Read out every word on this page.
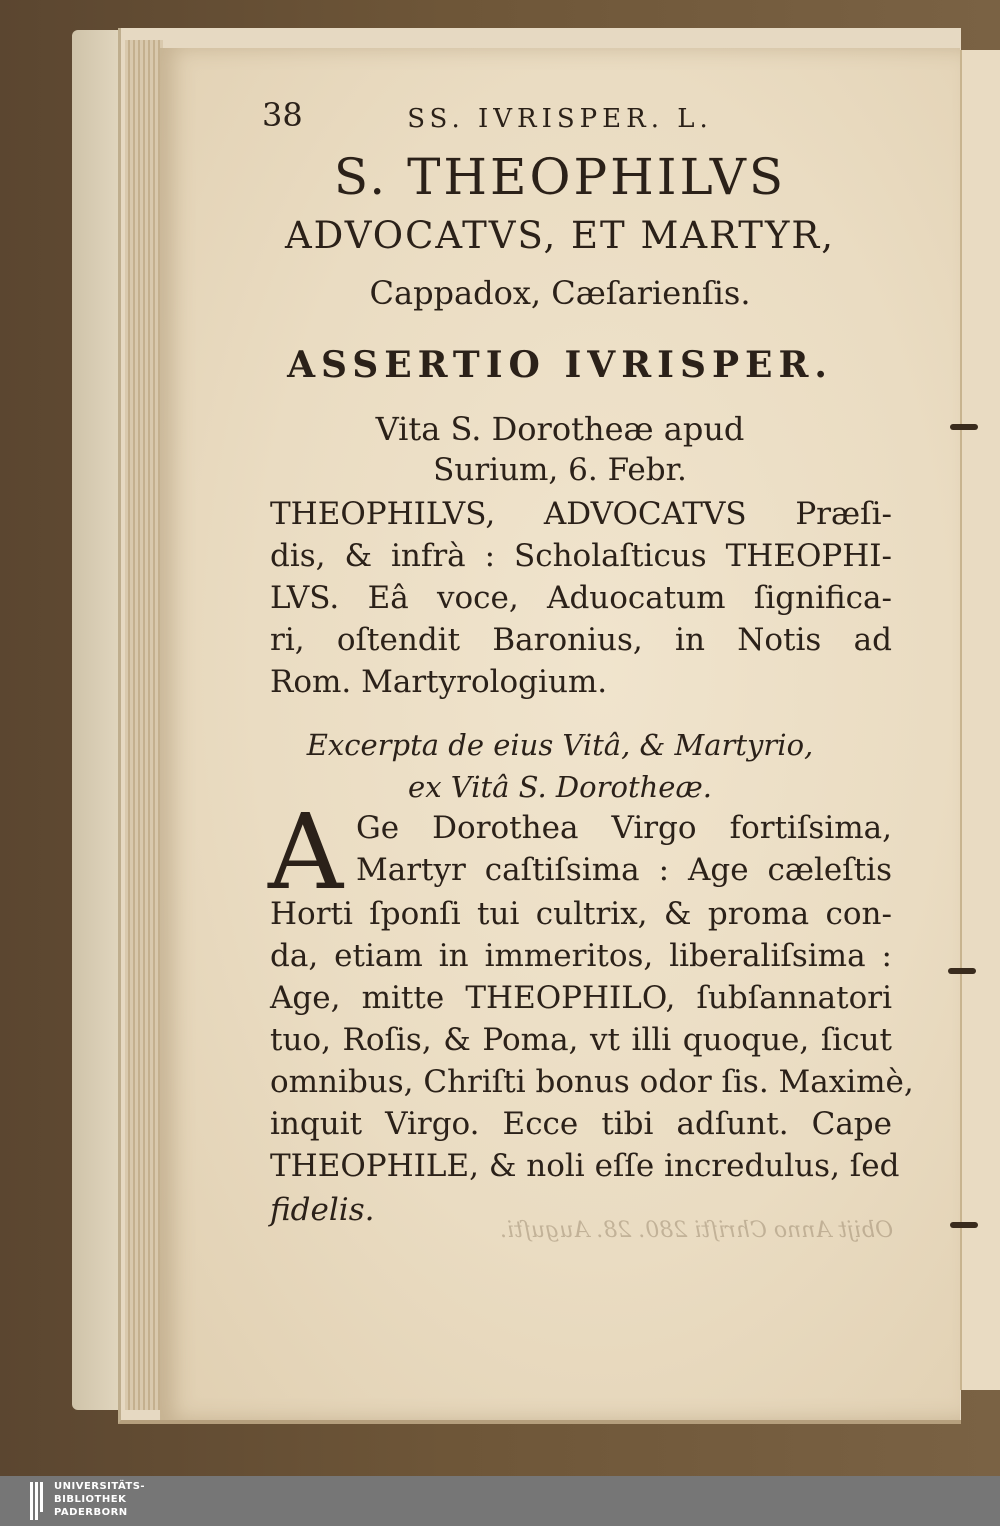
38	SS. IVRISPER. L.
S. THEOPHILVS
ADVOCATVS, ET MARTYR,
Cappadox, Cæſarienſis.
ASSERTIO IVRISPER.
Vita S. Dorotheæ apud
Surium, 6. Febr.
THEOPHILVS, ADVOCATVS Præſi-
dis, & infrà : Scholaſticus THEOPHI-
LVS. Eâ voce, Aduocatum ſignifica-
ri, oſtendit Baronius, in Notis ad
Rom. Martyrologium.
Excerpta de eius Vitâ, & Martyrio,
ex Vitâ S. Dorotheæ.
A Ge Dorothea Virgo fortiſsima,
Martyr caſtiſsima : Age cæleſtis
Horti ſponſi tui cultrix, & proma con-
da, etiam in immeritos, liberaliſsima :
Age, mitte THEOPHILO, ſubſannatori
tuo, Roſis, & Poma, vt illi quoque, ſicut
omnibus, Chriſti bonus odor ſis. Maximè,
inquit Virgo. Ecce tibi adſunt. Cape
THEOPHILE, & noli eſſe incredulus, ſed
fidelis.
Obijt Anno Chriſti 280. 28. Auguſti.
UNIVERSITÄTS-
BIBLIOTHEK
PADERBORN
